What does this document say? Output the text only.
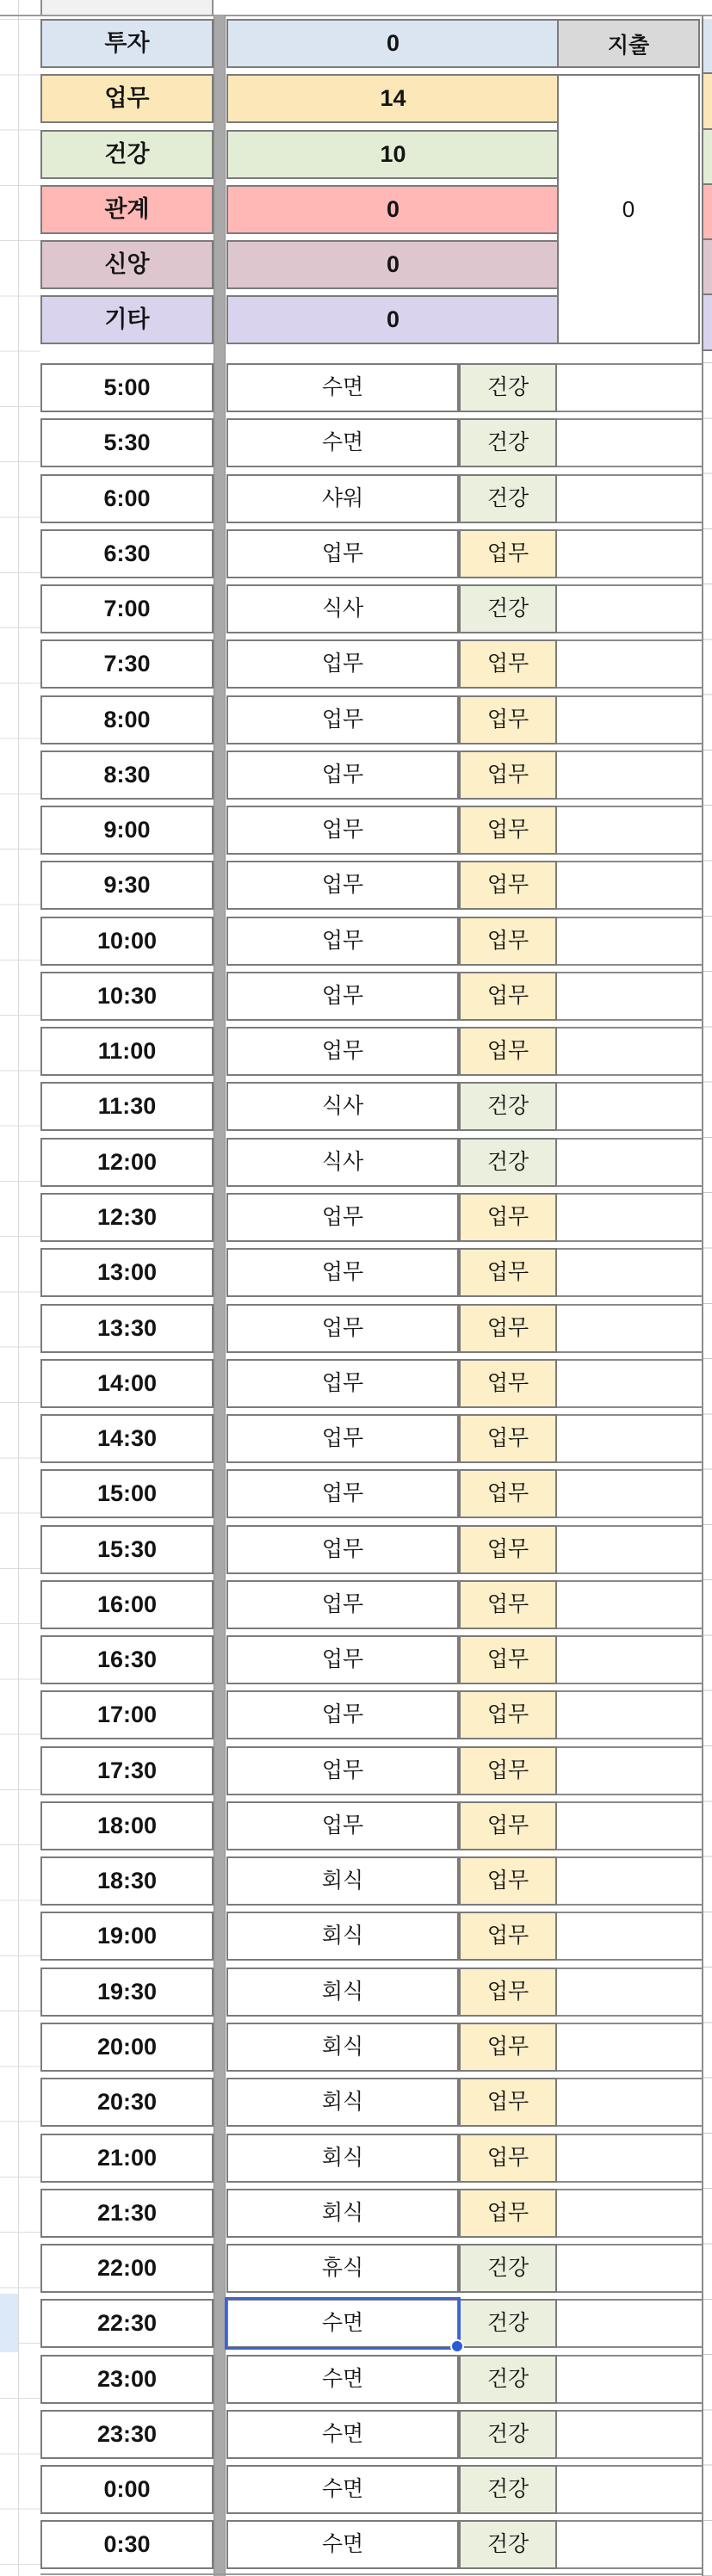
투자	0
업무	14
건강	10
관계	0
신앙	0
기타	0
지출
0
5:00	수면	건강
5:30	수면	건강
6:00	샤워	건강
6:30	업무	업무
7:00	식사	건강
7:30	업무	업무
8:00	업무	업무
8:30	업무	업무
9:00	업무	업무
9:30	업무	업무
10:00	업무	업무
10:30	업무	업무
11:00	업무	업무
11:30	식사	건강
12:00	식사	건강
12:30	업무	업무
13:00	업무	업무
13:30	업무	업무
14:00	업무	업무
14:30	업무	업무
15:00	업무	업무
15:30	업무	업무
16:00	업무	업무
16:30	업무	업무
17:00	업무	업무
17:30	업무	업무
18:00	업무	업무
18:30	회식	업무
19:00	회식	업무
19:30	회식	업무
20:00	회식	업무
20:30	회식	업무
21:00	회식	업무
21:30	회식	업무
22:00	휴식	건강
22:30	수면	건강
23:00	수면	건강
23:30	수면	건강
0:00	수면	건강
0:30	수면	건강
